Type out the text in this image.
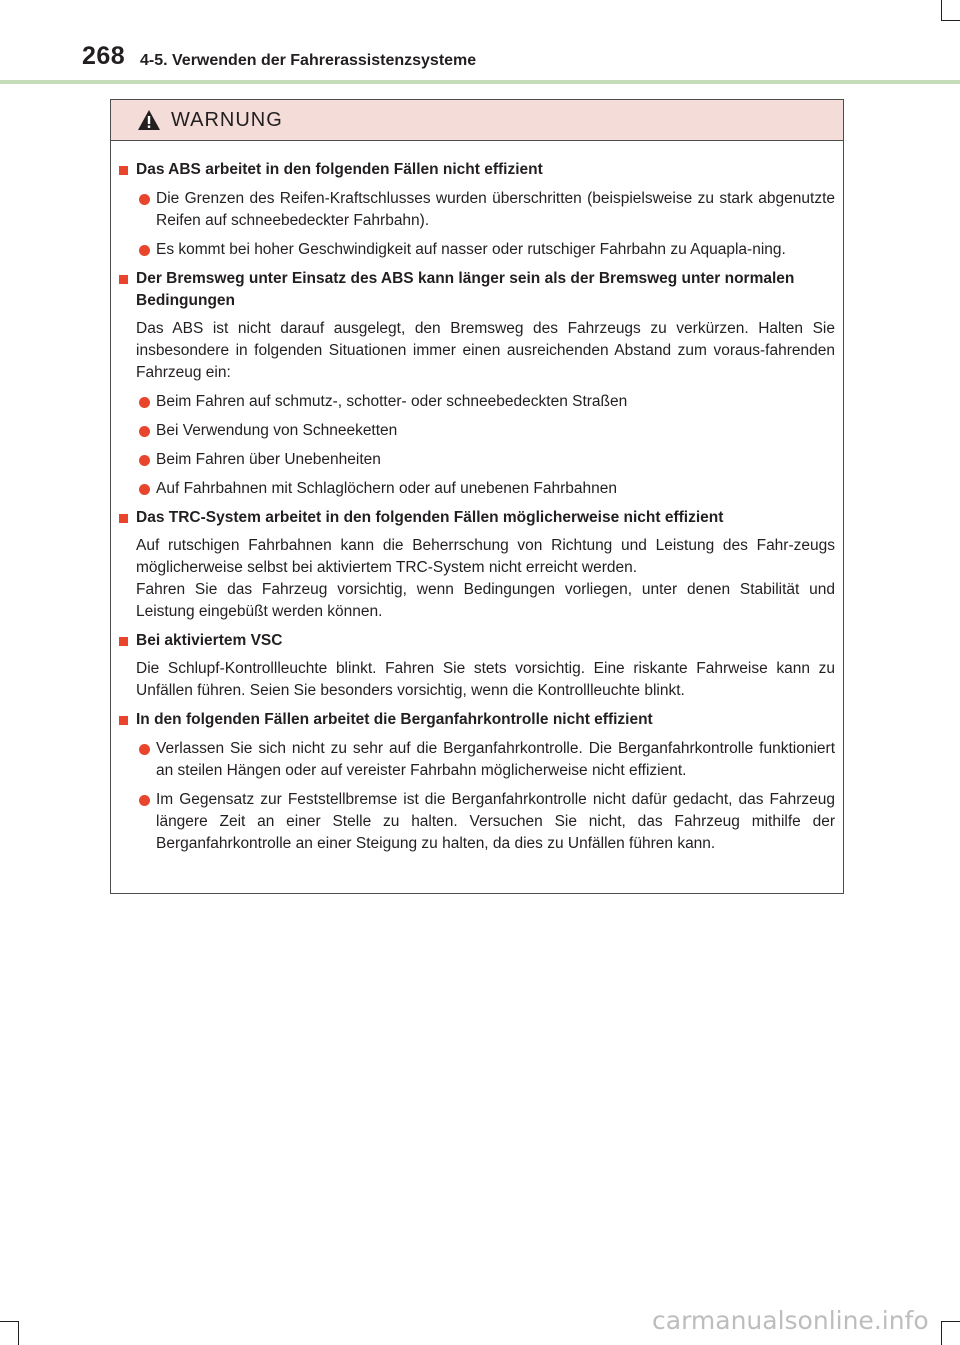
268 4-5. Verwenden der Fahrerassistenzsysteme
WARNUNG
Das ABS arbeitet in den folgenden Fällen nicht effizient
Die Grenzen des Reifen-Kraftschlusses wurden überschritten (beispielsweise zu stark abgenutzte Reifen auf schneebedeckter Fahrbahn).
Es kommt bei hoher Geschwindigkeit auf nasser oder rutschiger Fahrbahn zu Aquapla-ning.
Der Bremsweg unter Einsatz des ABS kann länger sein als der Bremsweg unter normalen Bedingungen
Das ABS ist nicht darauf ausgelegt, den Bremsweg des Fahrzeugs zu verkürzen. Halten Sie insbesondere in folgenden Situationen immer einen ausreichenden Abstand zum voraus-fahrenden Fahrzeug ein:
Beim Fahren auf schmutz-, schotter- oder schneebedeckten Straßen
Bei Verwendung von Schneeketten
Beim Fahren über Unebenheiten
Auf Fahrbahnen mit Schlaglöchern oder auf unebenen Fahrbahnen
Das TRC-System arbeitet in den folgenden Fällen möglicherweise nicht effizient
Auf rutschigen Fahrbahnen kann die Beherrschung von Richtung und Leistung des Fahr-zeugs möglicherweise selbst bei aktiviertem TRC-System nicht erreicht werden.
Fahren Sie das Fahrzeug vorsichtig, wenn Bedingungen vorliegen, unter denen Stabilität und Leistung eingebüßt werden können.
Bei aktiviertem VSC
Die Schlupf-Kontrollleuchte blinkt. Fahren Sie stets vorsichtig. Eine riskante Fahrweise kann zu Unfällen führen. Seien Sie besonders vorsichtig, wenn die Kontrollleuchte blinkt.
In den folgenden Fällen arbeitet die Berganfahrkontrolle nicht effizient
Verlassen Sie sich nicht zu sehr auf die Berganfahrkontrolle. Die Berganfahrkontrolle funktioniert an steilen Hängen oder auf vereister Fahrbahn möglicherweise nicht effizient.
Im Gegensatz zur Feststellbremse ist die Berganfahrkontrolle nicht dafür gedacht, das Fahrzeug längere Zeit an einer Stelle zu halten. Versuchen Sie nicht, das Fahrzeug mithilfe der Berganfahrkontrolle an einer Steigung zu halten, da dies zu Unfällen führen kann.
carmanualsonline.info
